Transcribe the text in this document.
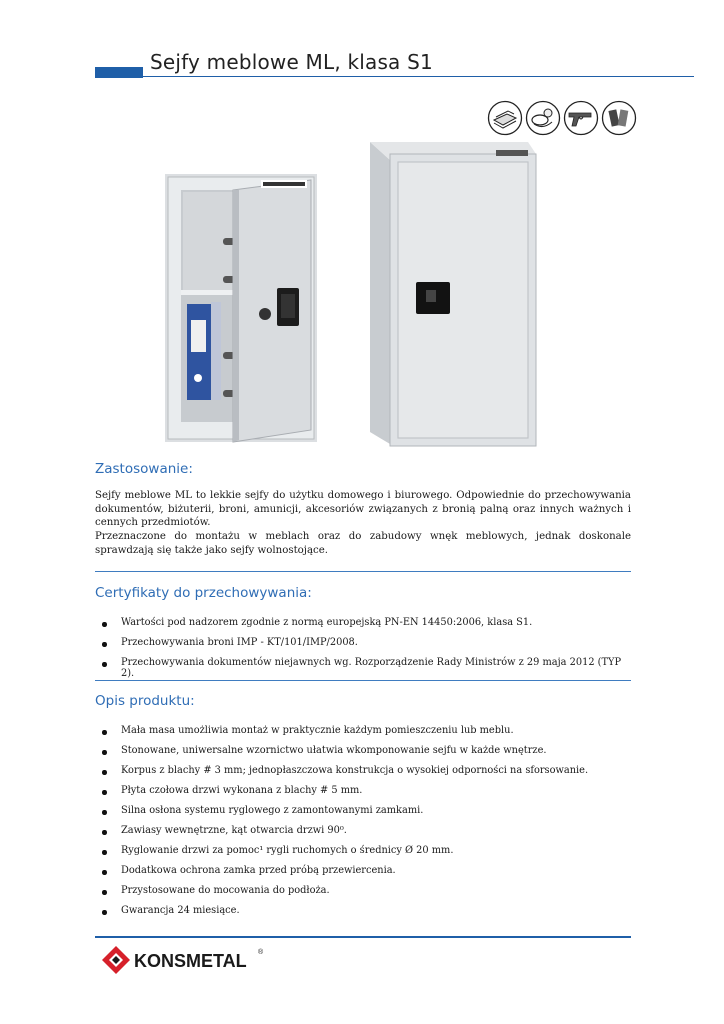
Sejfy meblowe ML, klasa S1
Zastosowanie:
Sejfy meblowe ML to lekkie sejfy do użytku domowego i biurowego. Odpowiednie do przechowywania dokumentów, biżuterii, broni, amunicji, akcesoriów związanych z bronią palną oraz innych ważnych i cennych przedmiotów.
Przeznaczone do montażu w meblach oraz do zabudowy wnęk meblowych, jednak doskonale sprawdzają się także jako sejfy wolnostojące.
Certyfikaty do przechowywania:
Wartości pod nadzorem zgodnie z normą europejską PN-EN 14450:2006, klasa S1.
Przechowywania broni IMP - KT/101/IMP/2008.
Przechowywania dokumentów niejawnych wg. Rozporządzenie Rady Ministrów z 29 maja 2012 (TYP 2).
Opis produktu:
Mała masa umożliwia montaż w praktycznie każdym pomieszczeniu lub meblu.
Stonowane, uniwersalne wzornictwo ułatwia wkomponowanie sejfu w każde wnętrze.
Korpus z blachy # 3 mm; jednopłaszczowa konstrukcja o wysokiej odporności na sforsowanie.
Płyta czołowa drzwi wykonana z blachy # 5 mm.
Silna osłona systemu ryglowego z zamontowanymi zamkami.
Zawiasy wewnętrzne, kąt otwarcia drzwi 90⁰.
Ryglowanie drzwi za pomoc¹ rygli ruchomych o średnicy Ø 20 mm.
Dodatkowa ochrona zamka przed próbą przewiercenia.
Przystosowane do mocowania do podłoża.
Gwarancja 24 miesiące.
KONSMETAL ®
